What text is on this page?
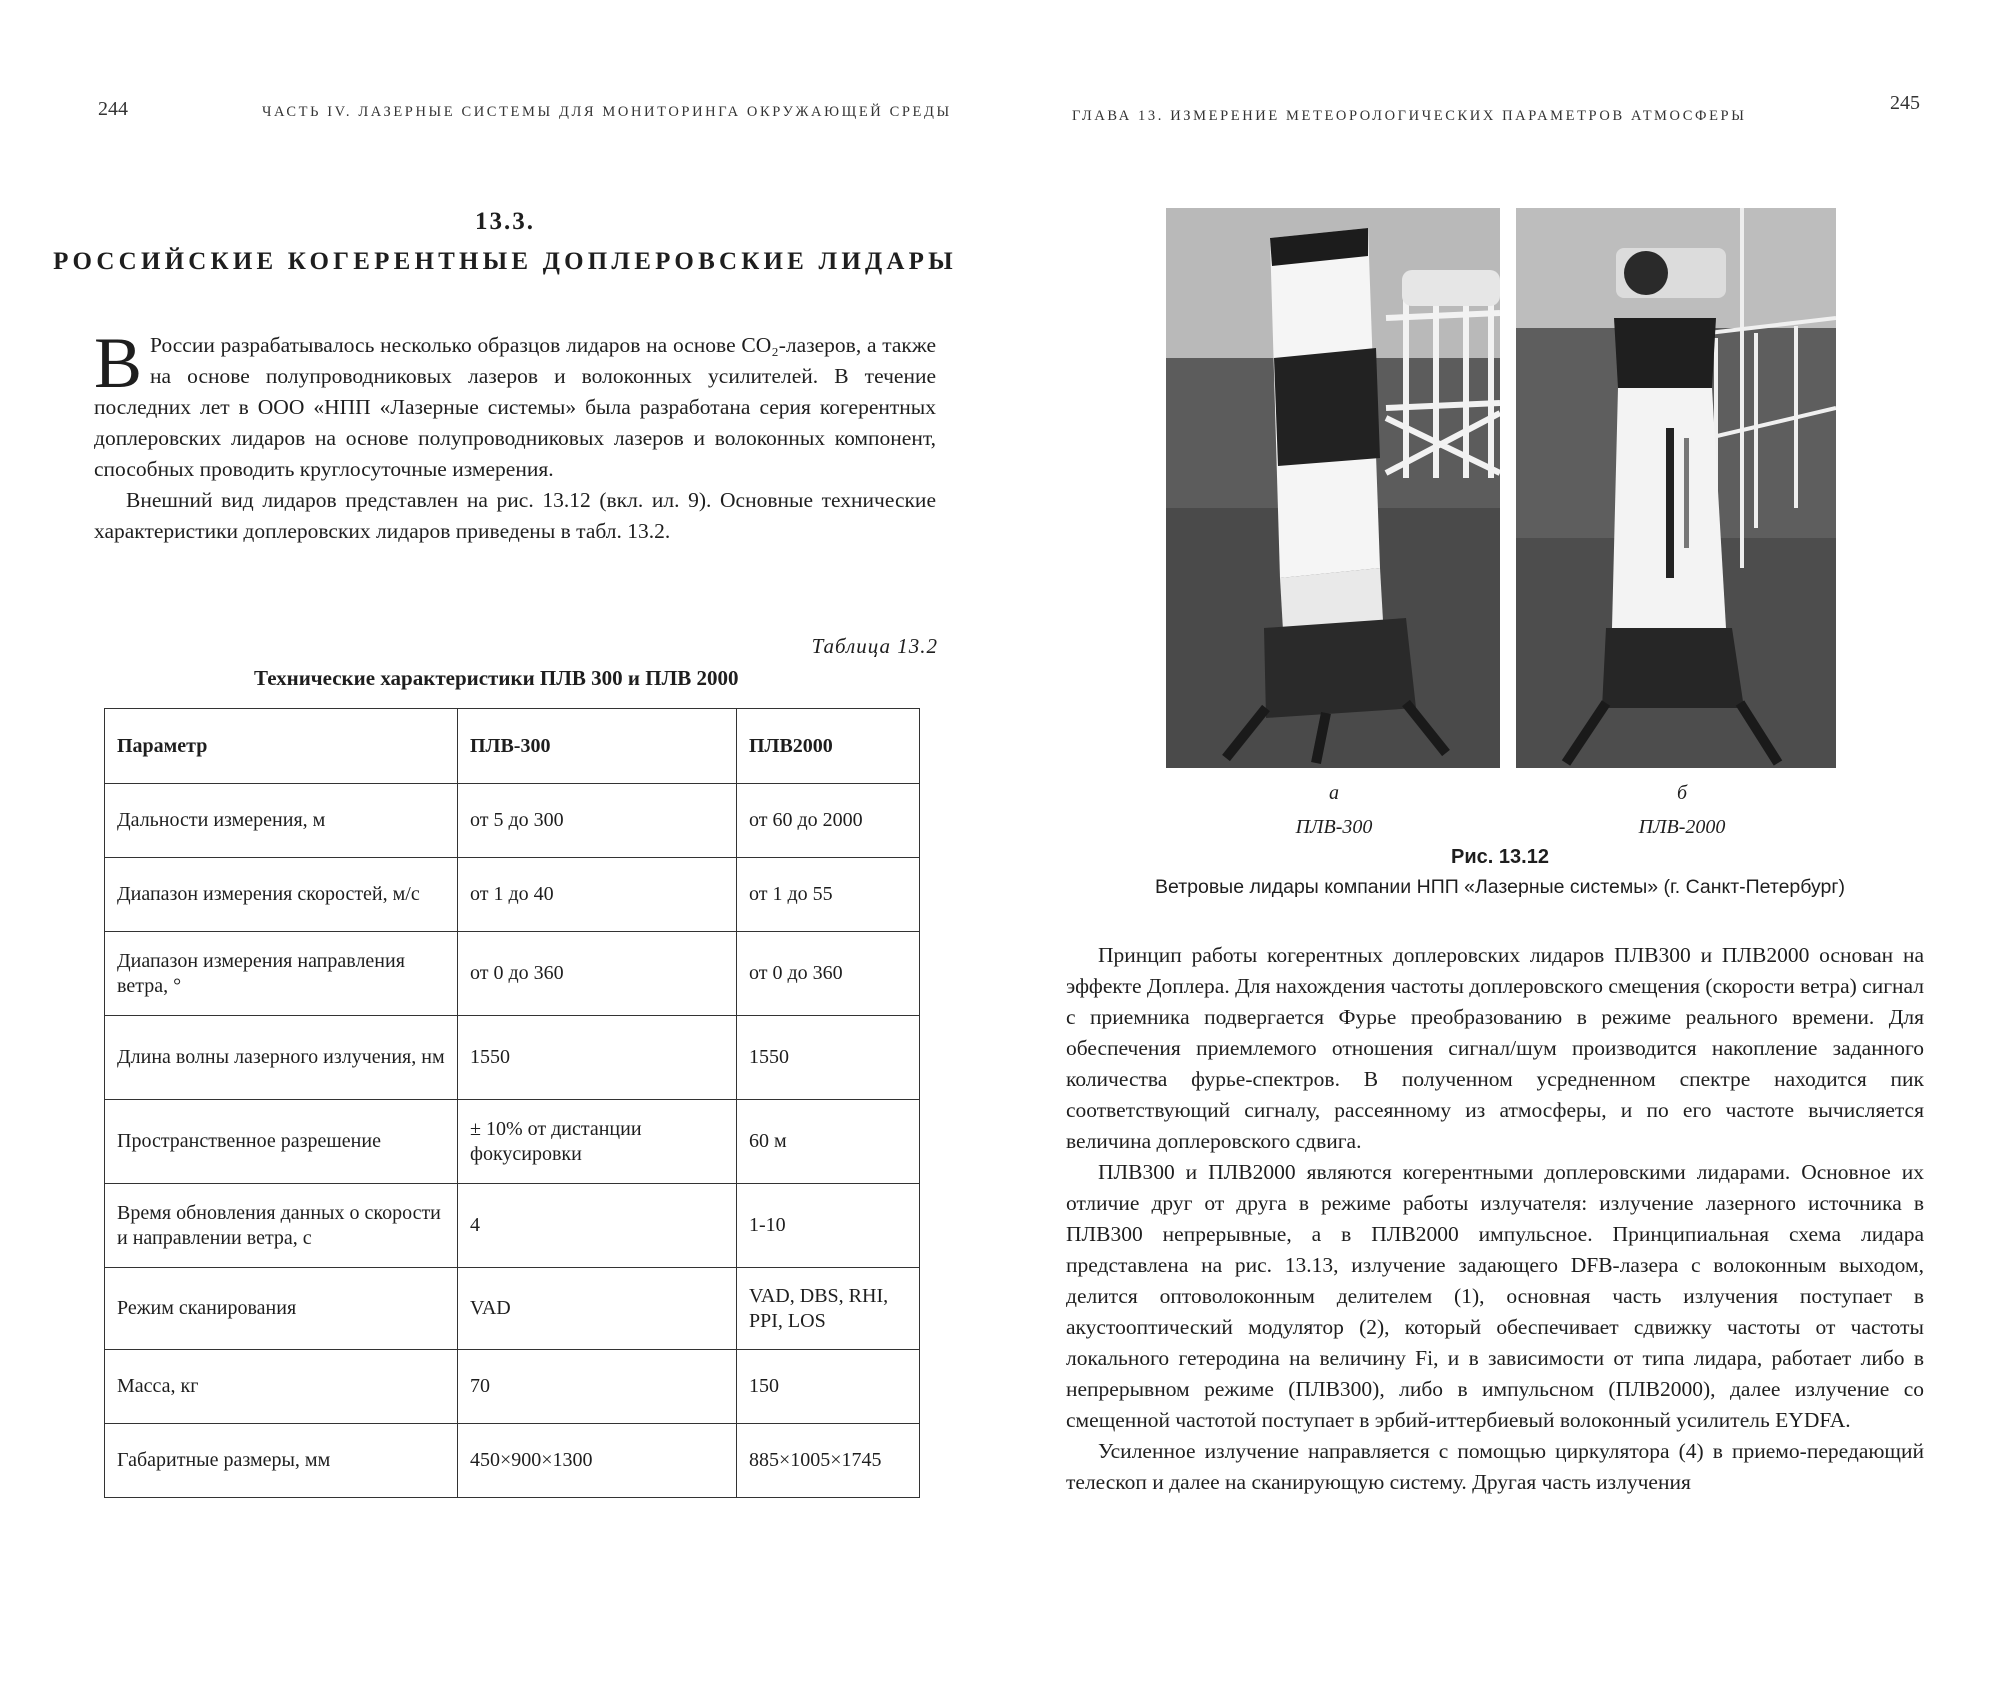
244	ЧАСТЬ IV. ЛАЗЕРНЫЕ СИСТЕМЫ ДЛЯ МОНИТОРИНГА ОКРУЖАЮЩЕЙ СРЕДЫ
13.3.
РОССИЙСКИЕ КОГЕРЕНТНЫЕ ДОПЛЕРОВСКИЕ ЛИДАРЫ

В России разрабатывалось несколько образцов лидаров на основе CO₂-лазеров, а также на основе полупроводниковых лазеров и волоконных усилителей. В течение последних лет в ООО «НПП «Лазерные системы» была разработана серия когерентных доплеровских лидаров на основе полупроводниковых лазеров и волоконных компонент, способных проводить круглосуточные измерения.

Внешний вид лидаров представлен на рис. 13.12 (вкл. ил. 9). Основные технические характеристики доплеровских лидаров приведены в табл. 13.2.

Таблица 13.2
Технические характеристики ПЛВ 300 и ПЛВ 2000
Параметр	ПЛВ-300	ПЛВ2000
Дальности измерения, м	от 5 до 300	от 60 до 2000
Диапазон измерения скоростей, м/с	от 1 до 40	от 1 до 55
Диапазон измерения направления ветра, °	от 0 до 360	от 0 до 360
Длина волны лазерного излучения, нм	1550	1550
Пространственное разрешение	± 10% от дистанции фокусировки	60 м
Время обновления данных о скорости и направлении ветра, с	4	1-10
Режим сканирования	VAD	VAD, DBS, RHI, PPI, LOS
Масса, кг	70	150
Габаритные размеры, мм	450×900×1300	885×1005×1745
ГЛАВА 13. ИЗМЕРЕНИЕ МЕТЕОРОЛОГИЧЕСКИХ ПАРАМЕТРОВ АТМОСФЕРЫ
245
а
ПЛВ-300
б
ПЛВ-2000
Рис. 13.12
Ветровые лидары компании НПП «Лазерные системы» (г. Санкт-Петербург)

Принцип работы когерентных доплеровских лидаров ПЛВ300 и ПЛВ2000 основан на эффекте Доплера. Для нахождения частоты доплеровского смещения (скорости ветра) сигнал с приемника подвергается Фурье преобразованию в режиме реального времени. Для обеспечения приемлемого отношения сигнал/шум производится накопление заданного количества фурье-спектров. В полученном усредненном спектре находится пик соответствующий сигналу, рассеянному из атмосферы, и по его частоте вычисляется величина доплеровского сдвига.

ПЛВ300 и ПЛВ2000 являются когерентными доплеровскими лидарами. Основное их отличие друг от друга в режиме работы излучателя: излучение лазерного источника в ПЛВ300 непрерывные, а в ПЛВ2000 импульсное. Принципиальная схема лидара представлена на рис. 13.13, излучение задающего DFB-лазера с волоконным выходом, делится оптоволоконным делителем (1), основная часть излучения поступает в акустооптический модулятор (2), который обеспечивает сдвижку частоты от частоты локального гетеродина на величину Fi, и в зависимости от типа лидара, работает либо в непрерывном режиме (ПЛВ300), либо в импульсном (ПЛВ2000), далее излучение со смещенной частотой поступает в эрбий-иттербиевый волоконный усилитель EYDFA.

Усиленное излучение направляется с помощью циркулятора (4) в приемо-передающий телескоп и далее на сканирующую систему. Другая часть излучения
